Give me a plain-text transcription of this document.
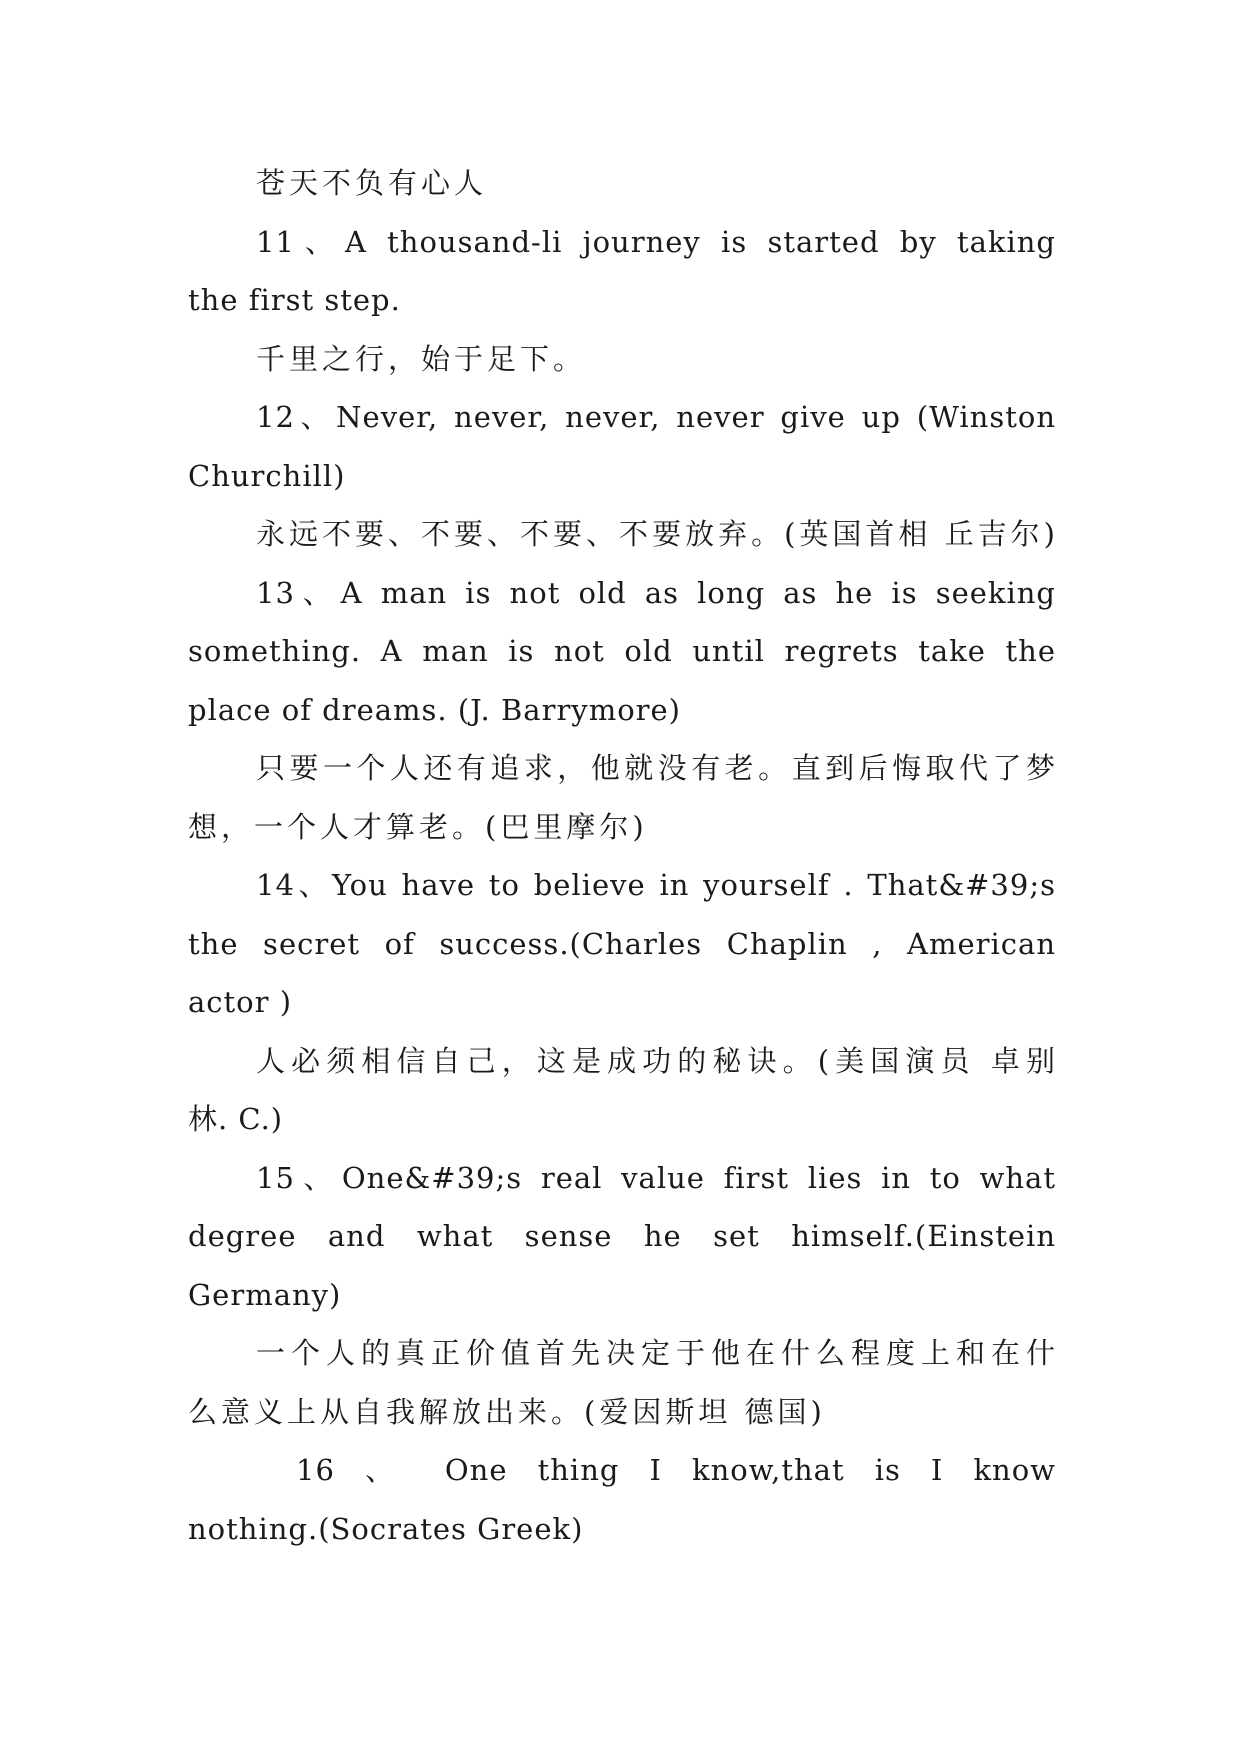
苍天不负有心人
11、A thousand-li journey is started by taking
the first step.
千里之行，始于足下。
12、Never, never, never, never give up (Winston
Churchill)
永远不要、不要、不要、不要放弃。(英国首相 丘吉尔)
13、A man is not old as long as he is seeking
something. A man is not old until regrets take the
place of dreams. (J. Barrymore)
只要一个人还有追求，他就没有老。直到后悔取代了梦
想，一个人才算老。(巴里摩尔)
14、You have to believe in yourself . That&#39;s
the secret of success.(Charles Chaplin , American
actor )
人必须相信自己，这是成功的秘诀。(美国演员 卓别
林. C.)
15、One&#39;s real value first lies in to what
degree and what sense he set himself.(Einstein
Germany)
一个人的真正价值首先决定于他在什么程度上和在什
么意义上从自我解放出来。(爱因斯坦 德国)
16 、 One thing I know,that is I know
nothing.(Socrates Greek)
